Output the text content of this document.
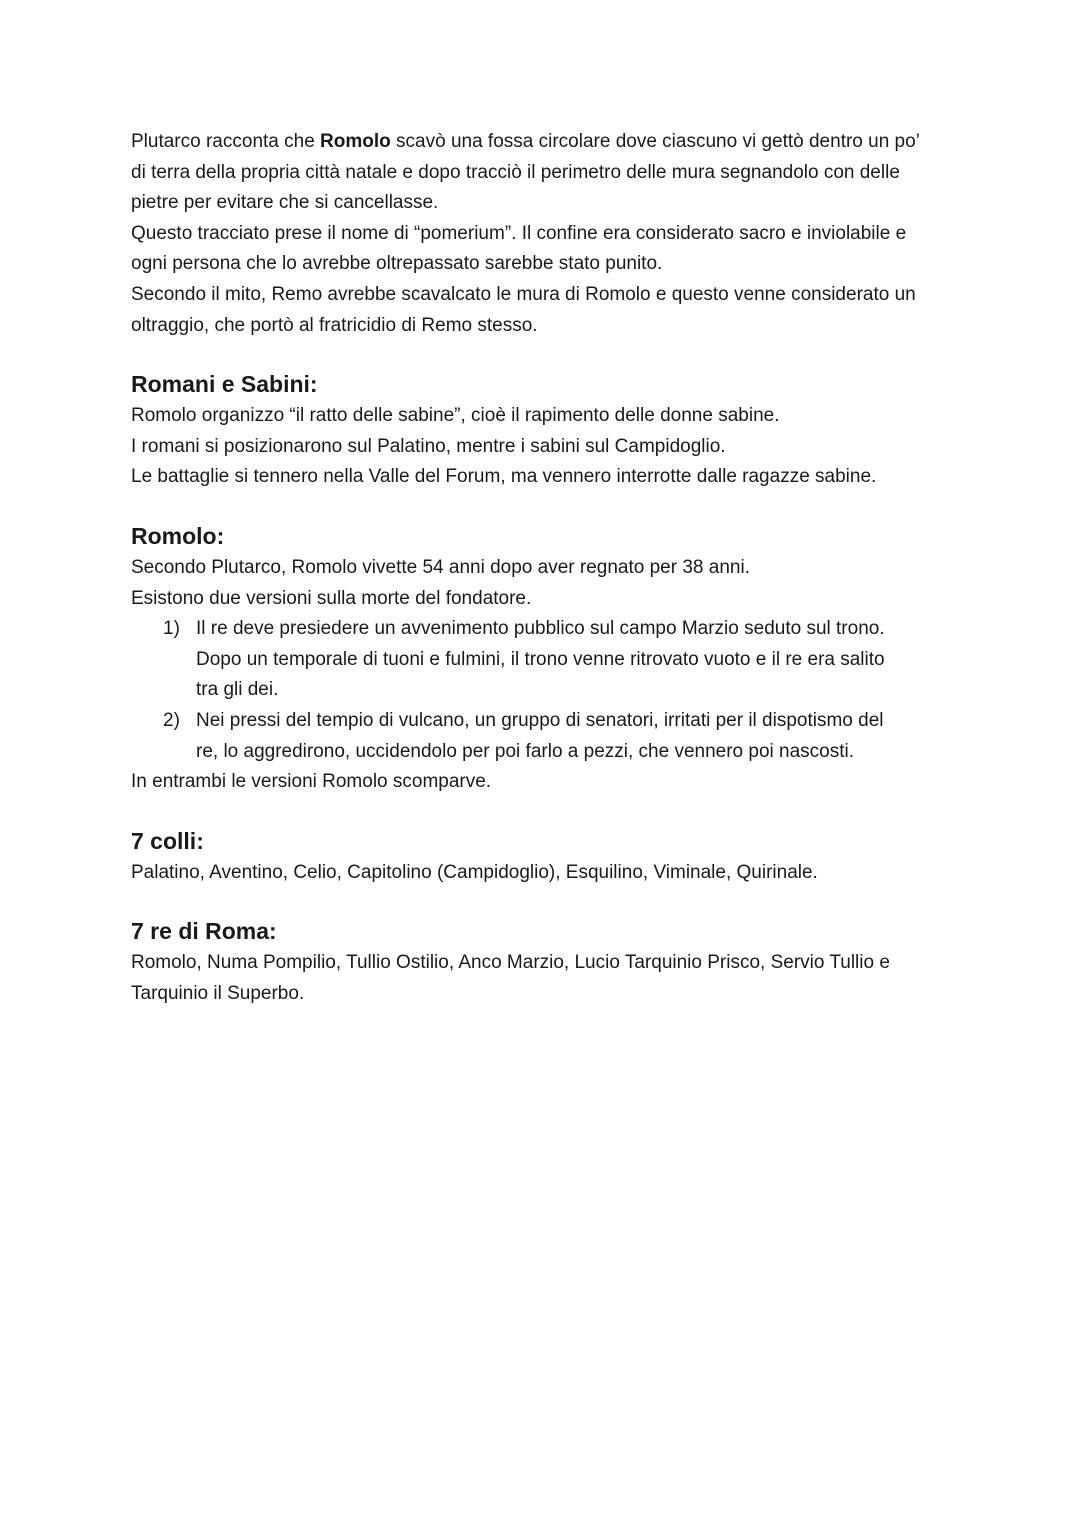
Plutarco racconta che Romolo scavò una fossa circolare dove ciascuno vi gettò dentro un po’

di terra della propria città natale e dopo tracciò il perimetro delle mura segnandolo con delle

pietre per evitare che si cancellasse.

Questo tracciato prese il nome di “pomerium”. Il confine era considerato sacro e inviolabile e

ogni persona che lo avrebbe oltrepassato sarebbe stato punito.

Secondo il mito, Remo avrebbe scavalcato le mura di Romolo e questo venne considerato un

oltraggio, che portò al fratricidio di Remo stesso.

Romani e Sabini:

Romolo organizzo “il ratto delle sabine”, cioè il rapimento delle donne sabine.

I romani si posizionarono sul Palatino, mentre i sabini sul Campidoglio.

Le battaglie si tennero nella Valle del Forum, ma vennero interrotte dalle ragazze sabine.

Romolo:

Secondo Plutarco, Romolo vivette 54 anni dopo aver regnato per 38 anni.

Esistono due versioni sulla morte del fondatore.

1) Il re deve presiedere un avvenimento pubblico sul campo Marzio seduto sul trono.
Dopo un temporale di tuoni e fulmini, il trono venne ritrovato vuoto e il re era salito
tra gli dei.
2) Nei pressi del tempio di vulcano, un gruppo di senatori, irritati per il dispotismo del
re, lo aggredirono, uccidendolo per poi farlo a pezzi, che vennero poi nascosti.

In entrambi le versioni Romolo scomparve.

7 colli:

Palatino, Aventino, Celio, Capitolino (Campidoglio), Esquilino, Viminale, Quirinale.

7 re di Roma:

Romolo, Numa Pompilio, Tullio Ostilio, Anco Marzio, Lucio Tarquinio Prisco, Servio Tullio e

Tarquinio il Superbo.
